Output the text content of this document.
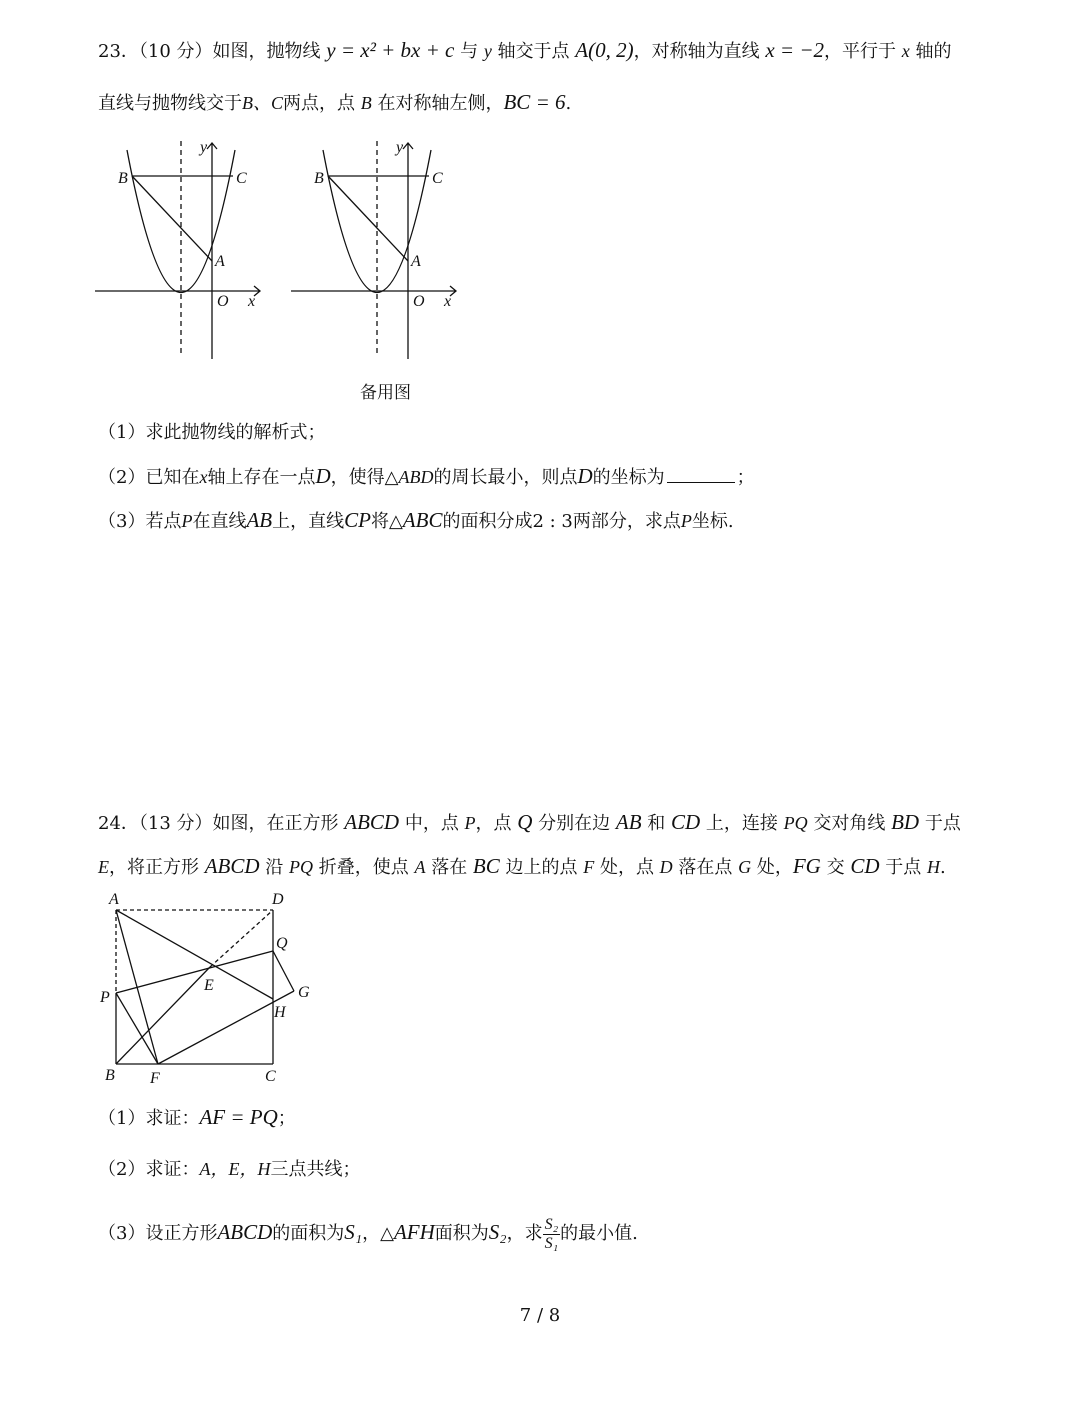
23．（10 分）如图，抛物线 y = x² + bx + c 与 y 轴交于点 A(0, 2)，对称轴为直线 x = −2，平行于 x 轴的
直线与抛物线交于B、C两点，点 B 在对称轴左侧，BC = 6.
B	C
A
O x
y
B	C
A
O x
y
备用图
（1）求此抛物线的解析式；
（2）已知在x轴上存在一点D，使得△ABD的周长最小，则点D的坐标为	；
（3）若点P在直线AB上，直线CP将△ABC的面积分成2 : 3两部分，求点P坐标.
24．（13 分）如图，在正方形 ABCD 中，点 P，点 Q 分别在边 AB 和 CD 上，连接 PQ 交对角线 BD 于点
E，将正方形 ABCD 沿 PQ 折叠，使点 A 落在 BC 边上的点 F 处，点 D 落在点 G 处，FG 交 CD 于点 H.
A	D
Q
E	G
P
H
B F	C
（1）求证：AF = PQ；
（2）求证：A，E，H三点共线；
（3）设正方形ABCD的面积为S₁，△AFH面积为S₂，求 $\frac{\text{S₂}}{\text{S₁}}$ 的最小值.
7 / 8
